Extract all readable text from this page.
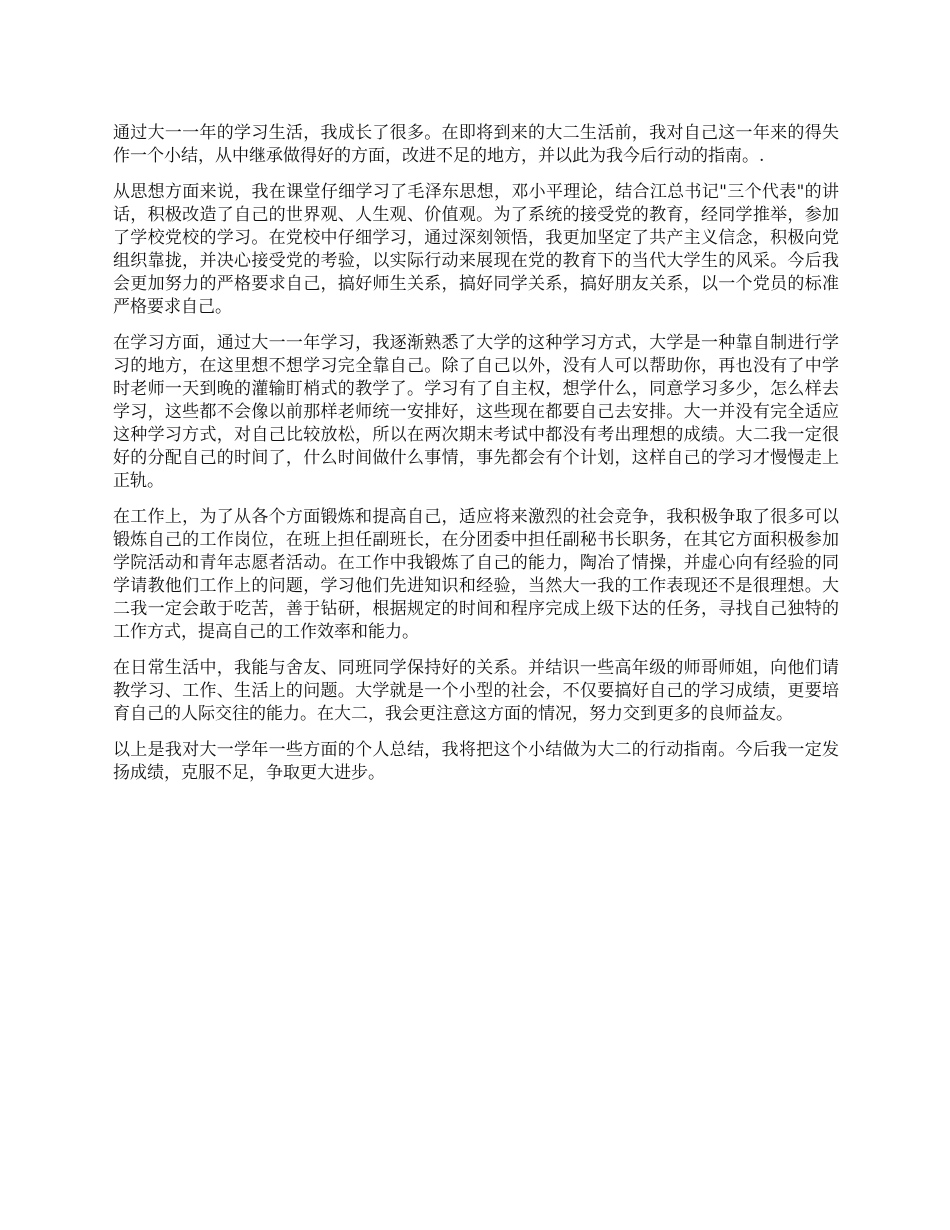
通过大一一年的学习生活，我成长了很多。在即将到来的大二生活前，我对自己这一年来的得失作一个小结，从中继承做得好的方面，改进不足的地方，并以此为我今后行动的指南。.

从思想方面来说，我在课堂仔细学习了毛泽东思想，邓小平理论，结合江总书记"三个代表"的讲话，积极改造了自己的世界观、人生观、价值观。为了系统的接受党的教育，经同学推举，参加了学校党校的学习。在党校中仔细学习，通过深刻领悟，我更加坚定了共产主义信念，积极向党组织靠拢，并决心接受党的考验，以实际行动来展现在党的教育下的当代大学生的风采。今后我会更加努力的严格要求自己，搞好师生关系，搞好同学关系，搞好朋友关系，以一个党员的标准严格要求自己。

在学习方面，通过大一一年学习，我逐渐熟悉了大学的这种学习方式，大学是一种靠自制进行学习的地方，在这里想不想学习完全靠自己。除了自己以外，没有人可以帮助你，再也没有了中学时老师一天到晚的灌输盯梢式的教学了。学习有了自主权，想学什么，同意学习多少，怎么样去学习，这些都不会像以前那样老师统一安排好，这些现在都要自己去安排。大一并没有完全适应这种学习方式，对自己比较放松，所以在两次期末考试中都没有考出理想的成绩。大二我一定很好的分配自己的时间了，什么时间做什么事情，事先都会有个计划，这样自己的学习才慢慢走上正轨。

在工作上，为了从各个方面锻炼和提高自己，适应将来激烈的社会竞争，我积极争取了很多可以锻炼自己的工作岗位，在班上担任副班长，在分团委中担任副秘书长职务，在其它方面积极参加学院活动和青年志愿者活动。在工作中我锻炼了自己的能力，陶冶了情操，并虚心向有经验的同学请教他们工作上的问题，学习他们先进知识和经验，当然大一我的工作表现还不是很理想。大二我一定会敢于吃苦，善于钻研，根据规定的时间和程序完成上级下达的任务，寻找自己独特的工作方式，提高自己的工作效率和能力。

在日常生活中，我能与舍友、同班同学保持好的关系。并结识一些高年级的师哥师姐，向他们请教学习、工作、生活上的问题。大学就是一个小型的社会，不仅要搞好自己的学习成绩，更要培育自己的人际交往的能力。在大二，我会更注意这方面的情况，努力交到更多的良师益友。

以上是我对大一学年一些方面的个人总结，我将把这个小结做为大二的行动指南。今后我一定发扬成绩，克服不足，争取更大进步。
